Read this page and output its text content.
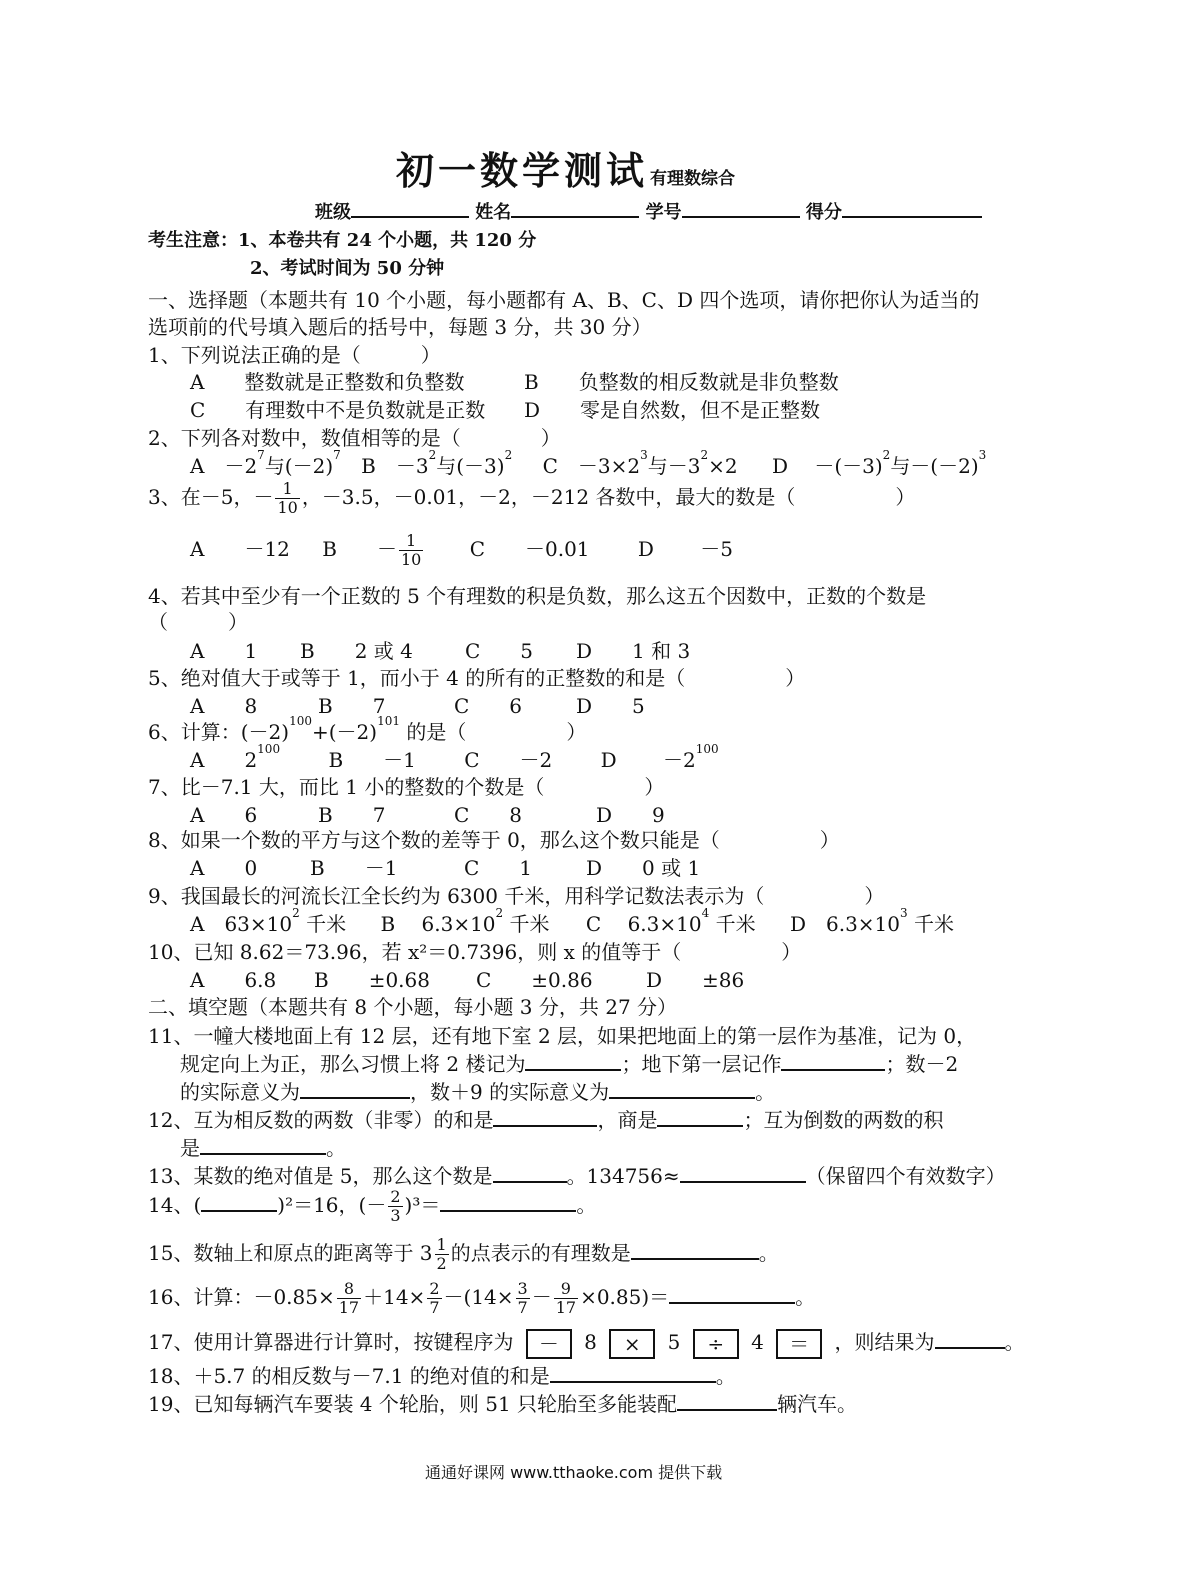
初一数学测试 有理数综合
班级	姓名	学号	得分
考生注意：1、本卷共有 24 个小题，共 120 分
2、考试时间为 50 分钟
一、选择题（本题共有 10 个小题，每小题都有 A、B、C、D 四个选项，请你把你认为适当的
选项前的代号填入题后的括号中，每题 3 分，共 30 分）
1、下列说法正确的是（　　　）
A　　整数就是正整数和负整数	B　　负整数的相反数就是非负整数
C　　有理数中不是负数就是正数 D　　零是自然数，但不是正整数
2、下列各对数中，数值相等的是（　　　　）
A　$-2^7$与$(-2)^7$ B　$-3^2$与$(-3)^2$ C　$-3\times 2^3$与$-3^2\times 2$ D　 $-(-3)^2$与$-(-2)^3$
3、在－5，－ $\frac{1}{10}$ ，－3.5，－0.01，－2，－212 各数中，最大的数是（　　　　　）
A　　－12 B　　－ $\frac{1}{10}$ C　　－0.01 D　　 －5
4、若其中至少有一个正数的 5 个有理数的积是负数，那么这五个因数中，正数的个数是
（　　　）
A　　1 B　　2 或 4	C　　5 D　　1 和 3
5、绝对值大于或等于 1，而小于 4 的所有的正整数的和是（　　　　　）
A　　8	B　　7	C　　6	D　　5
6、计算：$(-2)^{100}+(-2)^{101}$ 的是（　　　　　）
A　　$2^{100}$ B　　－1 C　　－2 D　　 $-2^{100}$
7、比－7.1 大，而比 1 小的整数的个数是（　　　　　）
A　　6	B　　7	C　　8	D　　9
8、如果一个数的平方与这个数的差等于 0，那么这个数只能是（　　　　　）
A　　0	B　　－1	C　　1	D　　0 或 1
9、我国最长的河流长江全长约为 6300 千米，用科学记数法表示为（　　　　　）
A　$63\times 10^2$ 千米 B　 $6.3\times 10^2$ 千米 C　 $6.3\times 10^4$ 千米 D　$6.3\times 10^3$ 千米
10、已知 8.62＝73.96，若 x²＝0.7396，则 x 的值等于（　　　　　）
A　　6.8 B　　±0.68 C　　±0.86	D　　±86
二、填空题（本题共有 8 个小题，每小题 3 分，共 27 分）
11、一幢大楼地面上有 12 层，还有地下室 2 层，如果把地面上的第一层作为基准，记为 0，
规定向上为正，那么习惯上将 2 楼记为	；地下第一层记作	；数－2
的实际意义为	，数＋9 的实际意义为	。
12、互为相反数的两数（非零）的和是	，商是	；互为倒数的两数的积
是	。
13、某数的绝对值是 5，那么这个数是	。134756≈	（保留四个有效数字）
14、(	)²＝16，(－ $\frac{2}{3} )^3=$	。
15、数轴上和原点的距离等于 $3 \frac{1}{2}$ 的点表示的有理数是	。
16、计算：$-0.85\times \frac{8}{17} +14\times \frac{2}{7} -(14\times \frac{3}{7} - \frac{9}{17} \times 0.85)=$	。
17、使用计算器进行计算时，按键程序为 － 8 × 5 ÷ 4 ＝ ，则结果为	。
18、＋5.7 的相反数与－7.1 的绝对值的和是	。
19、已知每辆汽车要装 4 个轮胎，则 51 只轮胎至多能装配	辆汽车。
通通好课网 www.tthaoke.com 提供下载
